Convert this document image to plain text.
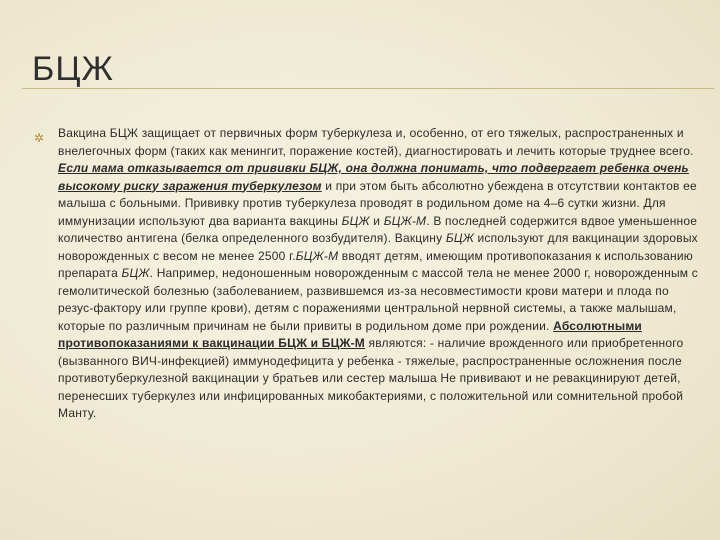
БЦЖ
✲ Вакцина БЦЖ защищает от первичных форм туберкулеза и, особенно, от его тяжелых, распространенных и внелегочных форм (таких как менингит, поражение костей), диагностировать и лечить которые труднее всего. Если мама отказывается от прививки БЦЖ, она должна понимать, что подвергает ребенка очень высокому риску заражения туберкулезом и при этом быть абсолютно убеждена в отсутствии контактов ее малыша с больными. Прививку против туберкулеза проводят в родильном доме на 4–6 сутки жизни. Для иммунизации используют два варианта вакцины БЦЖ и БЦЖ-М. В последней содержится вдвое уменьшенное количество антигена (белка определенного возбудителя). Вакцину БЦЖ используют для вакцинации здоровых новорожденных с весом не менее 2500 г.БЦЖ-М вводят детям, имеющим противопоказания к использованию препарата БЦЖ. Например, недоношенным новорожденным с массой тела не менее 2000 г, новорожденным с гемолитической болезнью (заболеванием, развившемся из-за несовместимости крови матери и плода по резус-фактору или группе крови), детям с поражениями центральной нервной системы, а также малышам, которые по различным причинам не были привиты в родильном доме при рождении. Абсолютными противопоказаниями к вакцинации БЦЖ и БЦЖ-М являются: - наличие врожденного или приобретенного (вызванного ВИЧ-инфекцией) иммунодефицита у ребенка - тяжелые, распространенные осложнения после противотуберкулезной вакцинации у братьев или сестер малыша Не прививают и не ревакцинируют детей, перенесших туберкулез или инфицированных микобактериями, с положительной или сомнительной пробой Манту.
